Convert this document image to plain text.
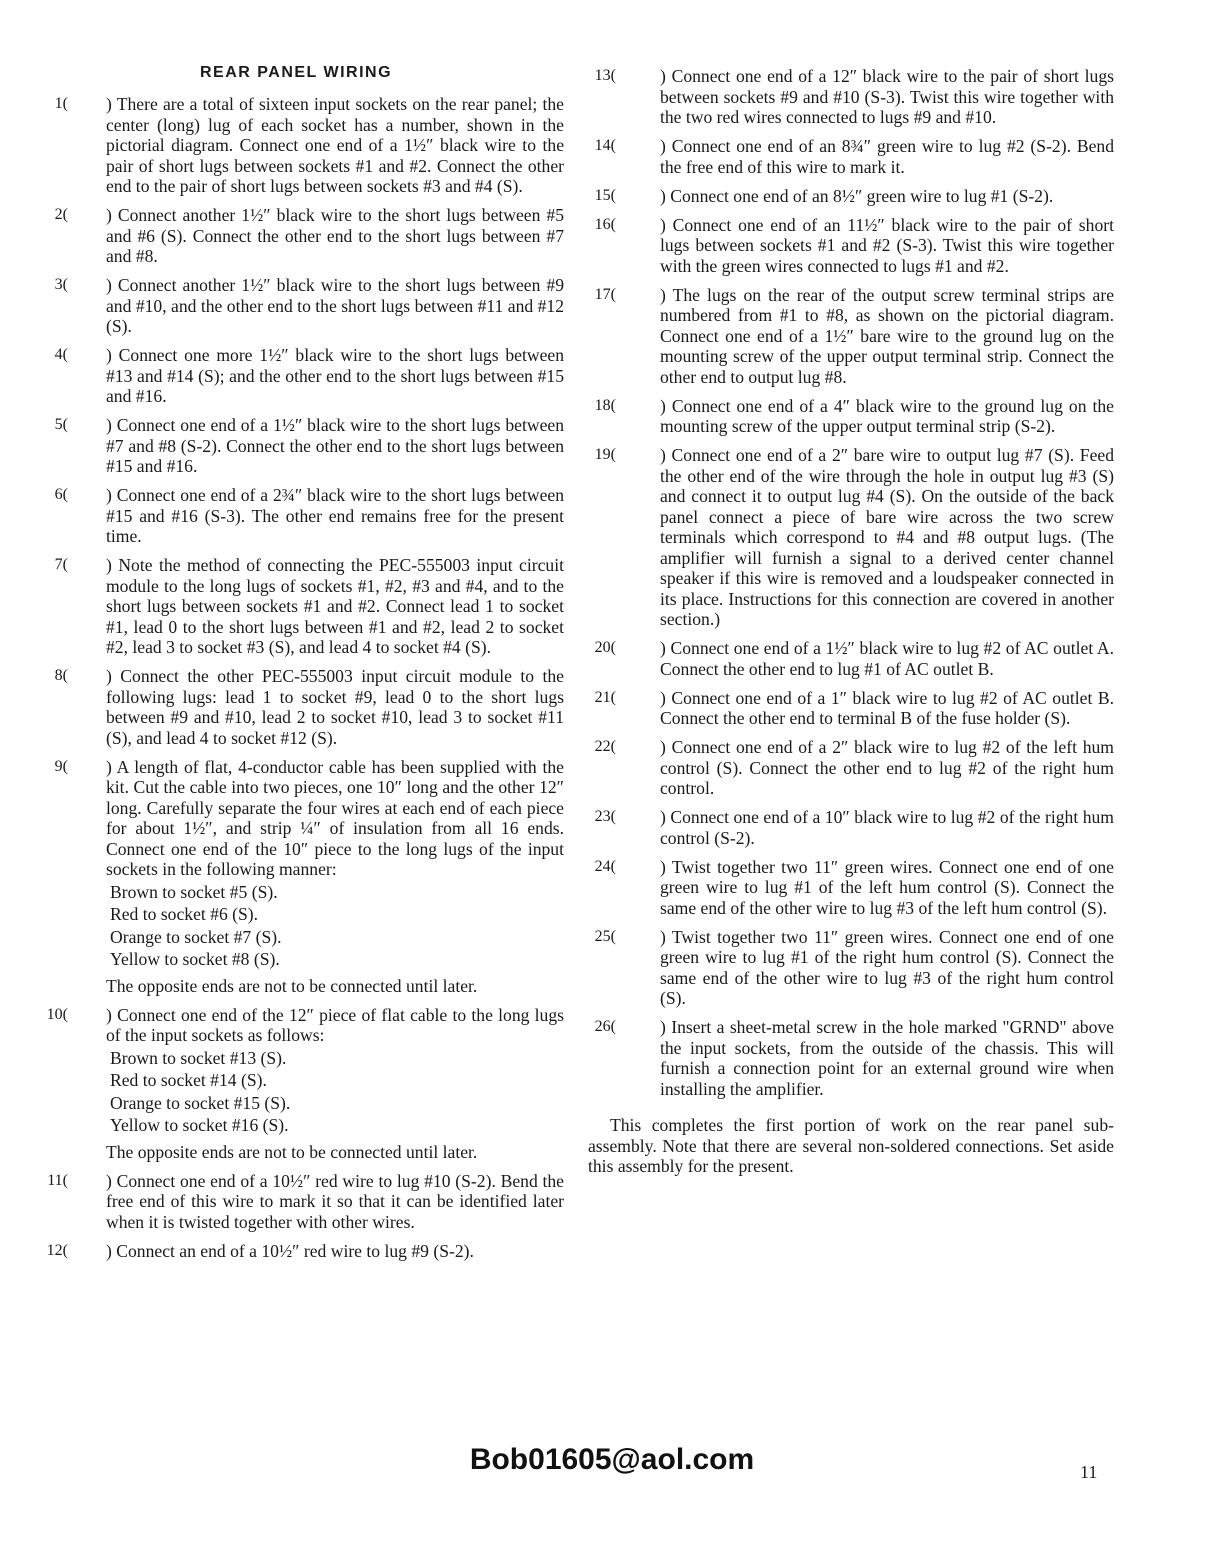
REAR PANEL WIRING
1(	) There are a total of sixteen input sockets on the rear panel; the center (long) lug of each socket has a number, shown in the pictorial diagram. Connect one end of a 1½″ black wire to the pair of short lugs between sockets #1 and #2. Connect the other end to the pair of short lugs between sockets #3 and #4 (S).
2(	) Connect another 1½″ black wire to the short lugs between #5 and #6 (S). Connect the other end to the short lugs between #7 and #8.
3(	) Connect another 1½″ black wire to the short lugs between #9 and #10, and the other end to the short lugs between #11 and #12 (S).
4(	) Connect one more 1½″ black wire to the short lugs between #13 and #14 (S); and the other end to the short lugs between #15 and #16.
5(	) Connect one end of a 1½″ black wire to the short lugs between #7 and #8 (S-2). Connect the other end to the short lugs between #15 and #16.
6(	) Connect one end of a 2¾″ black wire to the short lugs between #15 and #16 (S-3). The other end remains free for the present time.
7(	) Note the method of connecting the PEC-555003 input circuit module to the long lugs of sockets #1, #2, #3 and #4, and to the short lugs between sockets #1 and #2. Connect lead 1 to socket #1, lead 0 to the short lugs between #1 and #2, lead 2 to socket #2, lead 3 to socket #3 (S), and lead 4 to socket #4 (S).
8(	) Connect the other PEC-555003 input circuit module to the following lugs: lead 1 to socket #9, lead 0 to the short lugs between #9 and #10, lead 2 to socket #10, lead 3 to socket #11 (S), and lead 4 to socket #12 (S).
9(	) A length of flat, 4-conductor cable has been supplied with the kit. Cut the cable into two pieces, one 10″ long and the other 12″ long. Carefully separate the four wires at each end of each piece for about 1½″, and strip ¼″ of insulation from all 16 ends. Connect one end of the 10″ piece to the long lugs of the input sockets in the following manner:
Brown to socket #5 (S).
Red to socket #6 (S).
Orange to socket #7 (S).
Yellow to socket #8 (S).
The opposite ends are not to be connected until later.
10(	) Connect one end of the 12″ piece of flat cable to the long lugs of the input sockets as follows:
Brown to socket #13 (S).
Red to socket #14 (S).
Orange to socket #15 (S).
Yellow to socket #16 (S).
The opposite ends are not to be connected until later.
11(	) Connect one end of a 10½″ red wire to lug #10 (S-2). Bend the free end of this wire to mark it so that it can be identified later when it is twisted together with other wires.
12(	) Connect an end of a 10½″ red wire to lug #9 (S-2).
13(	) Connect one end of a 12″ black wire to the pair of short lugs between sockets #9 and #10 (S-3). Twist this wire together with the two red wires connected to lugs #9 and #10.
14(	) Connect one end of an 8¾″ green wire to lug #2 (S-2). Bend the free end of this wire to mark it.
15(	) Connect one end of an 8½″ green wire to lug #1 (S-2).
16(	) Connect one end of an 11½″ black wire to the pair of short lugs between sockets #1 and #2 (S-3). Twist this wire together with the green wires connected to lugs #1 and #2.
17(	) The lugs on the rear of the output screw terminal strips are numbered from #1 to #8, as shown on the pictorial diagram. Connect one end of a 1½″ bare wire to the ground lug on the mounting screw of the upper output terminal strip. Connect the other end to output lug #8.
18(	) Connect one end of a 4″ black wire to the ground lug on the mounting screw of the upper output terminal strip (S-2).
19(	) Connect one end of a 2″ bare wire to output lug #7 (S). Feed the other end of the wire through the hole in output lug #3 (S) and connect it to output lug #4 (S). On the outside of the back panel connect a piece of bare wire across the two screw terminals which correspond to #4 and #8 output lugs. (The amplifier will furnish a signal to a derived center channel speaker if this wire is removed and a loudspeaker connected in its place. Instructions for this connection are covered in another section.)
20(	) Connect one end of a 1½″ black wire to lug #2 of AC outlet A. Connect the other end to lug #1 of AC outlet B.
21(	) Connect one end of a 1″ black wire to lug #2 of AC outlet B. Connect the other end to terminal B of the fuse holder (S).
22(	) Connect one end of a 2″ black wire to lug #2 of the left hum control (S). Connect the other end to lug #2 of the right hum control.
23(	) Connect one end of a 10″ black wire to lug #2 of the right hum control (S-2).
24(	) Twist together two 11″ green wires. Connect one end of one green wire to lug #1 of the left hum control (S). Connect the same end of the other wire to lug #3 of the left hum control (S).
25(	) Twist together two 11″ green wires. Connect one end of one green wire to lug #1 of the right hum control (S). Connect the same end of the other wire to lug #3 of the right hum control (S).
26(	) Insert a sheet-metal screw in the hole marked "GRND" above the input sockets, from the outside of the chassis. This will furnish a connection point for an external ground wire when installing the amplifier.
This completes the first portion of work on the rear panel sub-assembly. Note that there are several non-soldered connections. Set aside this assembly for the present.
Bob01605@aol.com	11
